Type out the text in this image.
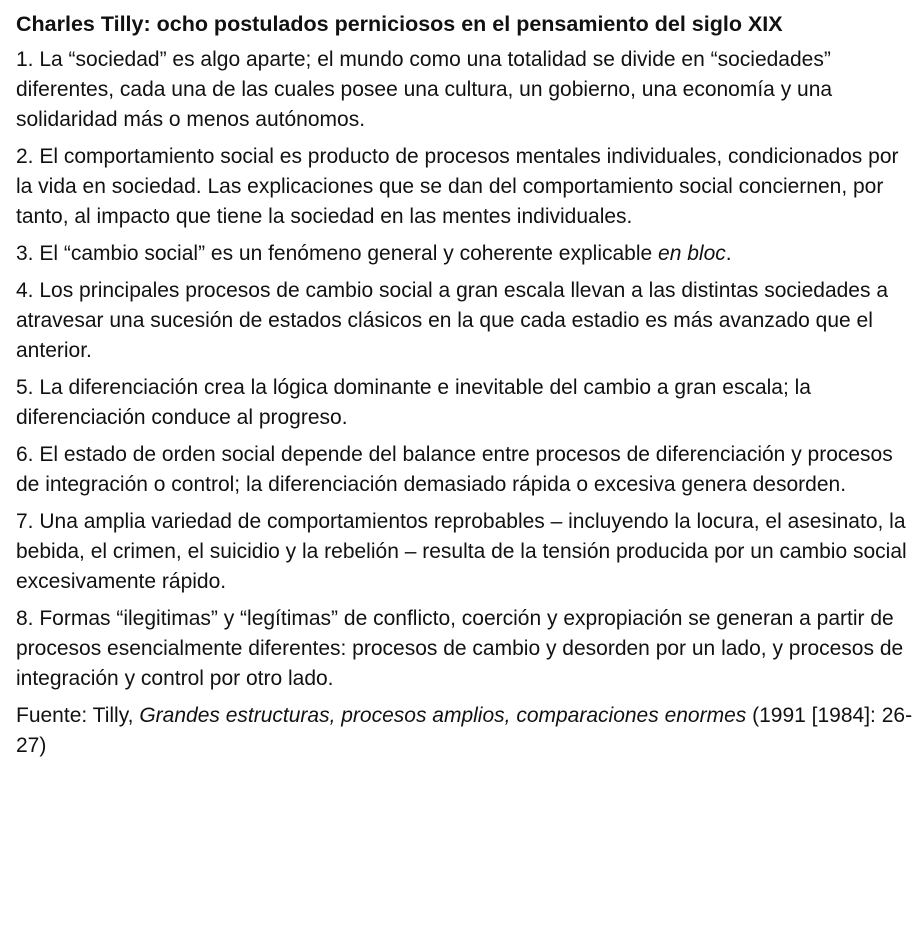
Charles Tilly: ocho postulados perniciosos en el pensamiento del siglo XIX

1. La “sociedad” es algo aparte; el mundo como una totalidad se divide en “sociedades” diferentes, cada una de las cuales posee una cultura, un gobierno, una economía y una solidaridad más o menos autónomos.

2. El comportamiento social es producto de procesos mentales individuales, condicionados por la vida en sociedad. Las explicaciones que se dan del comportamiento social conciernen, por tanto, al impacto que tiene la sociedad en las mentes individuales.

3. El “cambio social” es un fenómeno general y coherente explicable en bloc.

4. Los principales procesos de cambio social a gran escala llevan a las distintas sociedades a atravesar una sucesión de estados clásicos en la que cada estadio es más avanzado que el anterior.

5. La diferenciación crea la lógica dominante e inevitable del cambio a gran escala; la diferenciación conduce al progreso.

6. El estado de orden social depende del balance entre procesos de diferenciación y procesos de integración o control; la diferenciación demasiado rápida o excesiva genera desorden.

7. Una amplia variedad de comportamientos reprobables – incluyendo la locura, el asesinato, la bebida, el crimen, el suicidio y la rebelión – resulta de la tensión producida por un cambio social excesivamente rápido.

8. Formas “ilegitimas” y “legítimas” de conflicto, coerción y expropiación se generan a partir de procesos esencialmente diferentes: procesos de cambio y desorden por un lado, y procesos de integración y control por otro lado.

Fuente: Tilly, Grandes estructuras, procesos amplios, comparaciones enormes (1991 [1984]: 26-27)
